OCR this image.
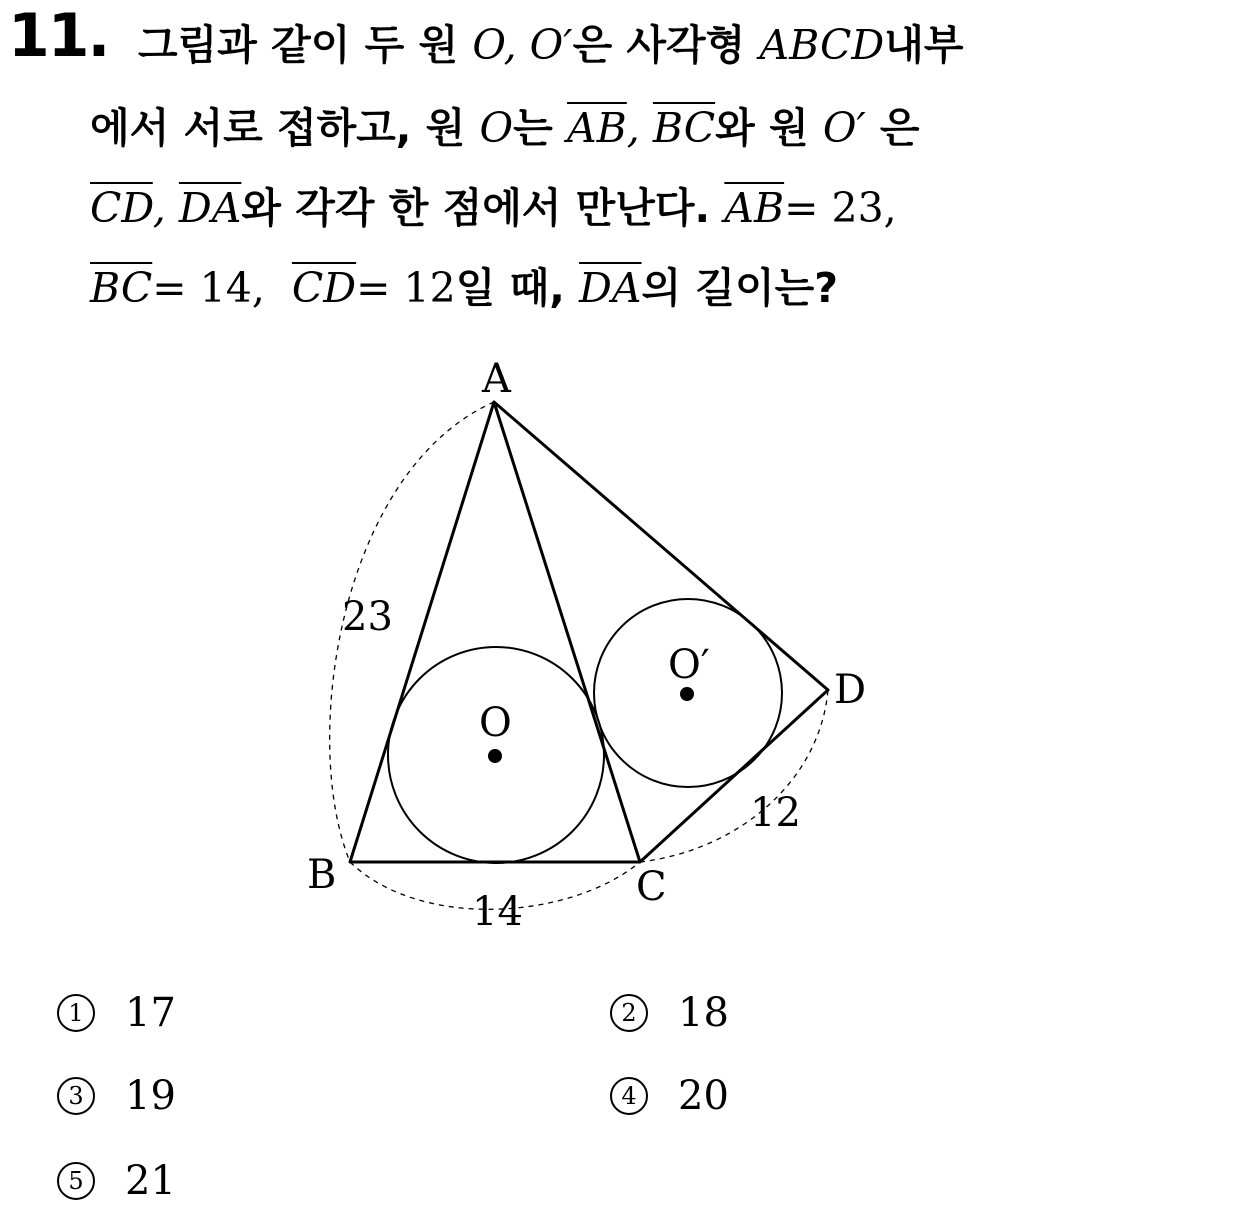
11. 그림과 같이 두 원 O, O′은 사각형 ABCD내부
에서 서로 접하고, 원 O는 $\overline{AB}$, $\overline{BC}$와 원 O′ 은
$\overline{CD}$, $\overline{DA}$와 각각 한 점에서 만난다. $\overline{AB}= 23$,
$\overline{BC}= 14$, $\overline{CD}= 12$일 때, $\overline{DA}$의 길이는?
A
B	C
D
O
O′
23
14
12
1 17	2 18
3 19	4 20
5 21
